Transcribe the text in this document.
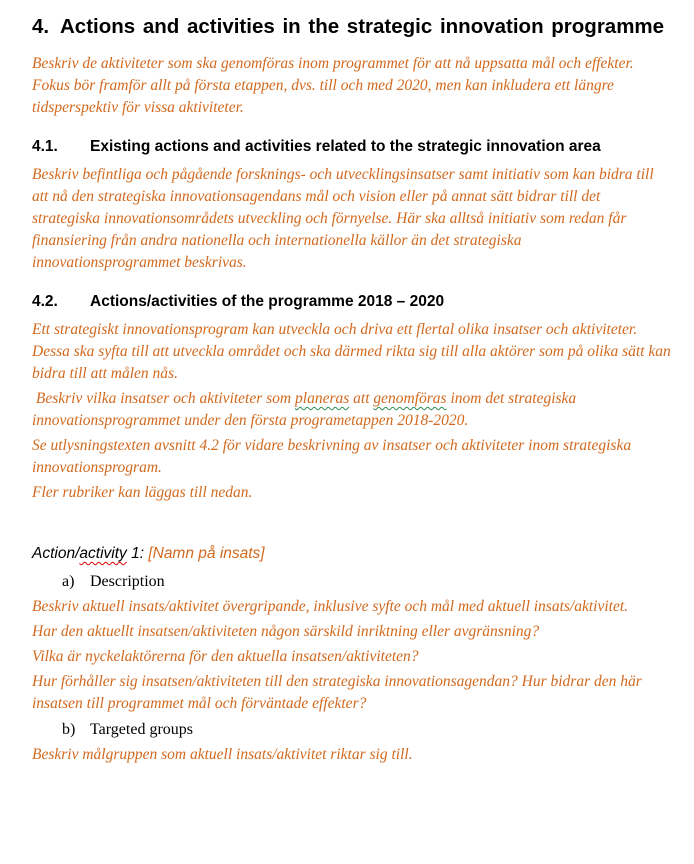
4. Actions and activities in the strategic innovation programme

Beskriv de aktiviteter som ska genomföras inom programmet för att nå uppsatta mål och effekter. Fokus bör framför allt på första etappen, dvs. till och med 2020, men kan inkludera ett längre tidsperspektiv för vissa aktiviteter.

4.1.	Existing actions and activities related to the strategic innovation area

Beskriv befintliga och pågående forsknings- och utvecklingsinsatser samt initiativ som kan bidra till att nå den strategiska innovationsagendans mål och vision eller på annat sätt bidrar till det strategiska innovationsområdets utveckling och förnyelse. Här ska alltså initiativ som redan får finansiering från andra nationella och internationella källor än det strategiska innovationsprogrammet beskrivas.

4.2.	Actions/activities of the programme 2018 – 2020

Ett strategiskt innovationsprogram kan utveckla och driva ett flertal olika insatser och aktiviteter. Dessa ska syfta till att utveckla området och ska därmed rikta sig till alla aktörer som på olika sätt kan bidra till att målen nås.

Beskriv vilka insatser och aktiviteter som planeras att genomföras inom det strategiska innovationsprogrammet under den första programetappen 2018-2020.

Se utlysningstexten avsnitt 4.2 för vidare beskrivning av insatser och aktiviteter inom strategiska innovationsprogram.

Fler rubriker kan läggas till nedan.

Action/activity 1: [Namn på insats]
a) Description

Beskriv aktuell insats/aktivitet övergripande, inklusive syfte och mål med aktuell insats/aktivitet.

Har den aktuellt insatsen/aktiviteten någon särskild inriktning eller avgränsning?

Vilka är nyckelaktörerna för den aktuella insatsen/aktiviteten?

Hur förhåller sig insatsen/aktiviteten till den strategiska innovationsagendan? Hur bidrar den här insatsen till programmet mål och förväntade effekter?

b) Targeted groups

Beskriv målgruppen som aktuell insats/aktivitet riktar sig till.
